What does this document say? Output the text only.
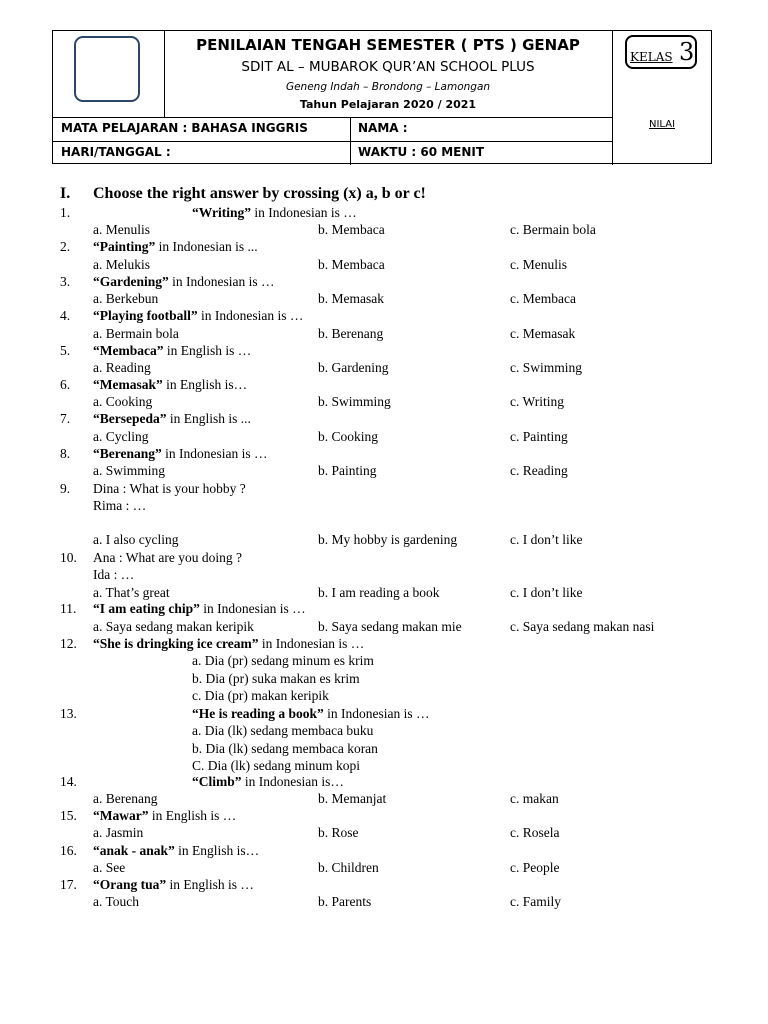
PENILAIAN TENGAH SEMESTER ( PTS ) GENAP
SDIT AL – MUBAROK QUR’AN SCHOOL PLUS
Geneng Indah – Brondong – Lamongan
Tahun Pelajaran 2020 / 2021
KELAS 3
MATA PELAJARAN : BAHASA INGGRIS	NAMA :
HARI/TANGGAL :	WAKTU : 60 MENIT
NILAI
I. Choose the right answer by crossing (x) a, b or c!
1.	“Writing” in Indonesian is …
a. Menulis	b. Membaca	c. Bermain bola
2. “Painting” in Indonesian is ...
a. Melukis	b. Membaca	c. Menulis
3. “Gardening” in Indonesian is …
a. Berkebun	b. Memasak	c. Membaca
4. “Playing football” in Indonesian is …
a. Bermain bola	b. Berenang	c. Memasak
5. “Membaca” in English is …
a. Reading	b. Gardening	c. Swimming
6. “Memasak” in English is…
a. Cooking	b. Swimming	c. Writing
7. “Bersepeda” in English is ...
a. Cycling	b. Cooking	c. Painting
8. “Berenang” in Indonesian is …
a. Swimming	b. Painting	c. Reading
9. Dina : What is your hobby ?
Rima : …
a. I also cycling	b. My hobby is gardening	c. I don’t like
10. Ana : What are you doing ?
Ida : …
a. That’s great	b. I am reading a book	c. I don’t like
11. “I am eating chip” in Indonesian is …
a. Saya sedang makan keripik	b. Saya sedang makan mie	c. Saya sedang makan nasi
12. “She is dringking ice cream” in Indonesian is …
a. Dia (pr) sedang minum es krim
b. Dia (pr) suka makan es krim
c. Dia (pr) makan keripik
13.	“He is reading a book” in Indonesian is …
a. Dia (lk) sedang membaca buku
b. Dia (lk) sedang membaca koran
C. Dia (lk) sedang minum kopi
14.	“Climb” in Indonesian is…
a. Berenang	b. Memanjat	c. makan
15. “Mawar” in English is …
a. Jasmin	b. Rose	c. Rosela
16. “anak - anak” in English is…
a. See	b. Children	c. People
17. “Orang tua” in English is …
a. Touch	b. Parents	c. Family
